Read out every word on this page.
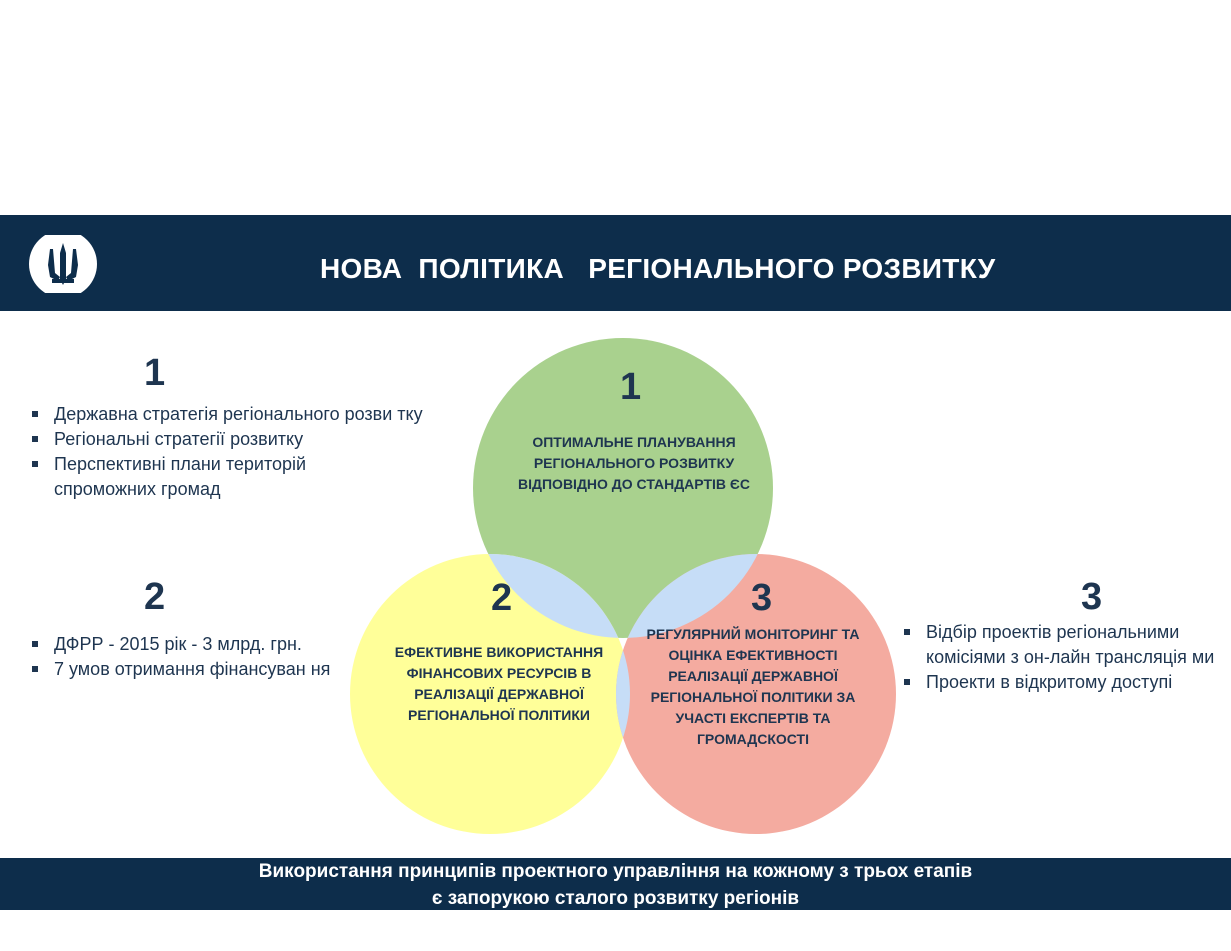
НОВА  ПОЛІТИКА   РЕГІОНАЛЬНОГО РОЗВИТКУ
1
Державна стратегія регіонального розви тку
Регіональні стратегії розвитку
Перспективні плани територій спроможних громад
2
ДФРР - 2015 рік - 3 млрд. грн.
7 умов отримання фінансуван ня
3
Відбір проектів регіональними комісіями з он-лайн трансляція ми
Проекти в відкритому доступі
1
ОПТИМАЛЬНЕ ПЛАНУВАННЯ РЕГІОНАЛЬНОГО РОЗВИТКУ ВІДПОВІДНО ДО СТАНДАРТІВ ЄС
2
ЕФЕКТИВНЕ ВИКОРИСТАННЯ ФІНАНСОВИХ РЕСУРСІВ В РЕАЛІЗАЦІЇ ДЕРЖАВНОЇ РЕГІОНАЛЬНОЇ ПОЛІТИКИ
3
РЕГУЛЯРНИЙ МОНІТОРИНГ ТА ОЦІНКА ЕФЕКТИВНОСТІ РЕАЛІЗАЦІЇ ДЕРЖАВНОЇ РЕГІОНАЛЬНОЇ ПОЛІТИКИ ЗА УЧАСТІ ЕКСПЕРТІВ ТА ГРОМАДСКОСТІ
Використання принципів проектного управління на кожному з трьох етапів
є запорукою сталого розвитку регіонів
